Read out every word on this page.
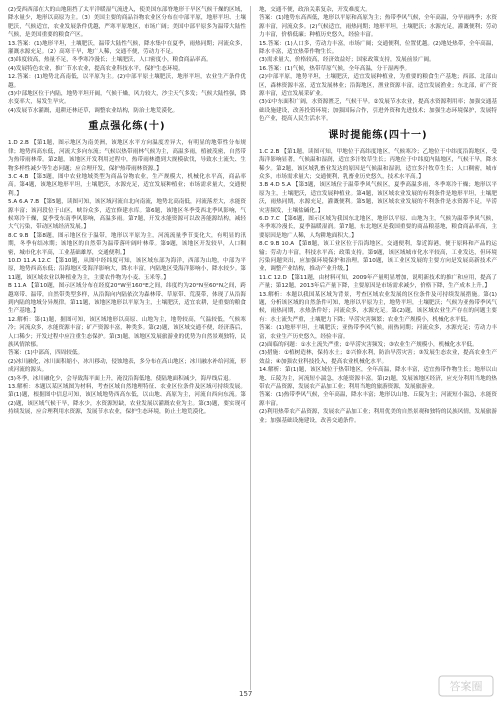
(2)受西西部在大的山地阻挡了太平洋暖湿气流进入，使美国东部脊地形干旱区气候干燥的区域，降水量少，地形以高原为主。（3）美国主要的商品谷物农业区分布在中部平原，地形平坦、土壤肥沃，气候适宜，农业发展条件优越，严寒平原地区，市场广阔；美国中部平原多为温带大陆性气候，是美国重要的粮食产区。

13.答案：(1)地形平坦，土壤肥沃，温带大陆性气候，降水集中在夏季，雨热同期；河流众多，灌溉水源充足。（2）高寒干旱，地广人稀，交通不便，劳动力不足。

(3)纬度较高，热量不足，冬季寒冷漫长；土壤肥沃，人口密度小，粮食商品率高。

(4)发展特色农业，推广节水农业，提高农业科技水平，保护生态环境。

12.答案：(1)地势北高南低，以平原为主。(2)中部平原土壤肥沃，地形平坦，农业生产条件优越。

(3)中部地区位于内陆，地势平坦开阔，气候干燥，风力较大，沙尘天气多发；气候大陆性强，降水变率大，易发生旱灾。

(4)发展节水灌溉，退耕还林还草，调整农业结构，防治土地荒漠化。

重点强化练(十)

1.D 2.B 【第1题，图示地区为南美洲，该地区水平方向温度差异大，有明显的地带性分布规律；地势西高东低，河流大多向东流；气候以热带雨林气候为主，高温多雨，植被茂密，自然带为热带雨林带。第2题，该地区开发利用过程中，热带雨林遭到大规模砍伐，导致水土流失、生物多样性减少等生态问题；应合理开发，保护热带雨林资源。】

3.C 4.B 【第3题，图中农业地域类型为商品谷物农业，生产规模大，机械化水平高，商品率高。第4题，该地区地形平坦，土壤肥沃，水源充足，适宜发展种植业；市场需求量大，交通便利。】

5.A 6.A 7.B 【第5题，读图可知，该区域河流自北向南流，地势北高南低，河流落差大，水能资源丰富；该河段位于山区，峡谷众多，适宜修建水库。第6题，该地区冬季受西北季风影响，气候寒冷干燥，夏季受东南季风影响，高温多雨。第7题，开发水能资源可以改善能源结构，减轻大气污染，带动区域经济发展。】

8.C 9.B 【第8题，图示地区位于温带，地形以平原为主，河流流量季节变化大，有明显的汛期，冬季有结冰期；该地区的自然带为温带落叶阔叶林带。第9题，该地区开发较早，人口稠密，城市化水平高，工业基础雄厚，交通便利。】

10.D 11.A 12.C 【第10题，从图中经纬度可知，该区域东部为海洋，西部为山地，中部为平原，地势西高东低；沿海地区受海洋影响大，降水丰富，内陆地区受海洋影响小，降水较少。第11题，该区域农业以种植业为主，主要农作物为小麦、玉米等。】

B 11.A 【第10题，图示区域分布在经度20°W至160°E之间，纬度约为20°N至60°N之间，跨越寒带、温带，自然带类型多样，从沿海向内陆依次为森林带、草原带、荒漠带，体现了从沿海到内陆的地域分异规律。第11题，该地区地形以平原为主，土壤肥沃，适宜农耕，是重要的粮食生产基地。】

12.解析：第(1)题，据图可知，该区域地形以高原、山地为主，地势较高，气温较低，气候寒冷；河流众多，水能资源丰富；矿产资源丰富，种类多。第(2)题，该区域交通不便，经济落后，人口稀少；开发过程中应注重生态保护。第(3)题，该地区发展旅游业的优势为自然景观独特，民族风情浓郁。

答案：(1)中部高，四周较低。

(2)冰川融化，冰川面积缩小，冰川移动，侵蚀地表，多分布在高山地区；冰川融水补给河流，形成河流的源头。

(3)冬季，冰川融化少，会导致海平面上升，淹没沿海低地，使陆地面积减少，海岸线后退。

13.解析：本题以某区域图为材料，考查区域自然地理特征、农业区位条件及区域可持续发展。第(1)题，根据图中信息可知，该区域地势西高东低，以山地、高原为主，河流自西向东流。第(2)题，该区域气候干旱，降水少，水资源短缺，农业发展以灌溉农业为主。第(3)题，要实现可持续发展，应合理利用水资源，发展节水农业，保护生态环境，防止土地荒漠化。

地，交通不便，政治关系复杂，开发难度大。

答案：(1)地势东高西低，地形以平原和高原为主；热带季风气候，全年高温，分旱雨两季；水资源丰富，河流众多。(2)气候适宜，雨热同期；地形平坦，土壤肥沃；水源充足，灌溉便利；劳动力丰富，价格低廉；种植历史悠久，经验丰富。

15.答案：(1)人口多，劳动力丰富，市场广阔；交通便利，位置优越。(2)地处热带，全年高温，降水丰富，适宜热带作物生长。

(3)需求量大，价格较高，经济效益好；国家政策支持，发展前景广阔。

16.答案：(1)气候，热带草原气候，全年高温，分干湿两季。

(2)中部平原，地势平坦，土壤肥沃，适宜发展种植业，为重要的粮食生产基地；西部、北部山区，森林资源丰富，适宜发展林业；沿海地区，渔业资源丰富，适宜发展渔业；东北部，矿产资源丰富，适宜发展采矿业。

(3)①中东面积广阔，水资源匮乏，气候干旱。②发展节水农业，提高水资源利用率；加强交通基础设施建设，改善投资环境；加强国际合作，引进外资和先进技术；加强生态环境保护，发展特色产业，提高人民生活水平。

课时提能练(四十一)

1.C 2.B 【第1题，读图可知，甲地位于高纬度地区，气候寒冷；乙地位于中纬度沿海地区，受海洋影响显著，气候温和湿润，适宜多汁牧草生长；丙地位于中纬度内陆地区，气候干旱，降水稀少。第2题，该区域乳畜业发达的原因是气候温和湿润，适宜多汁牧草生长；人口稠密，城市众多，市场需求量大；交通便利，乳畜业历史悠久，技术水平高。】

3.B 4.D 5.A 【第3题，该区域位于温带季风气候区，夏季高温多雨，冬季寒冷干燥；地形以平原为主，土壤肥沃，适宜发展种植业。第4题，该区域农业发展的有利条件是地形平坦，土壤肥沃，雨热同期，水源充足，灌溉便利。第5题，该区域农业发展的不利条件是水资源不足，旱涝灾害频发，土壤盐碱化。】

6.D 7.C 【第6题，图示区域为我国东北地区，地形以平原、山地为主，气候为温带季风气候，冬季寒冷漫长，夏季温暖湿润。第7题，东北地区是我国重要的商品粮基地，粮食商品率高，主要原因是地广人稀，人均耕地面积大。】

8.C 9.B 10.A 【第8题，该工业区位于沿海地区，交通便利，靠近海港，便于原料和产品的运输；劳动力丰富，科技水平高；政策支持。第9题，该区域城市化水平较高，工业发达，但环境污染问题突出，应加强环境保护和治理。第10题，该工业区发展的主要方向是发展高新技术产业，调整产业结构，推动产业升级。】

11.C 12.D 【第11题，由材料可知，2009年产量明显增加，说明新技术的推广和应用，提高了产量；第12题，2013年后产量下降，主要原因是市场需求减少，价格下降，生产成本上升。】

13.解析：本题以我国某区域为背景，考查区域农业发展的区位条件及可持续发展措施。第(1)题，分析该区域的自然条件可知，地形以平原为主，地势平坦，土壤肥沃；气候为亚热带季风气候，雨热同期，水热条件好；河流众多，水源充足。第(2)题，该区域农业生产存在的问题主要有：水土流失严重，土壤肥力下降；旱涝灾害频繁；农业生产规模小，机械化水平低。

答案：(1)地形平坦，土壤肥沃；亚热带季风气候，雨热同期；河流众多，水源充足；劳动力丰富，农业生产历史悠久，经验丰富。

(2)面临的问题：①水土流失严重；②旱涝灾害频发；③农业生产规模小，机械化水平低。

(3)措施：①植树造林，保持水土；②兴修水利，防治旱涝灾害；③发展生态农业，提高农业生产效益；④加强农业科技投入，提高农业机械化水平。

14.解析：第(1)题，该区域位于热带地区，全年高温，降水丰富，适宜热带作物生长；地形以山地、丘陵为主，河流短小湍急，水能资源丰富。第(2)题，发展该地区经济，应充分利用当地的热带农产品资源，发展农产品加工业；利用当地的旅游资源，发展旅游业。

答案：(1)热带季风气候，全年高温，降水丰富；地形以山地、丘陵为主；河流短小湍急，水能资源丰富。

(2)利用热带农产品资源，发展农产品加工业；利用优美的自然景观和独特的民族风情，发展旅游业；加强基础设施建设，改善交通条件。

157
答案圈
